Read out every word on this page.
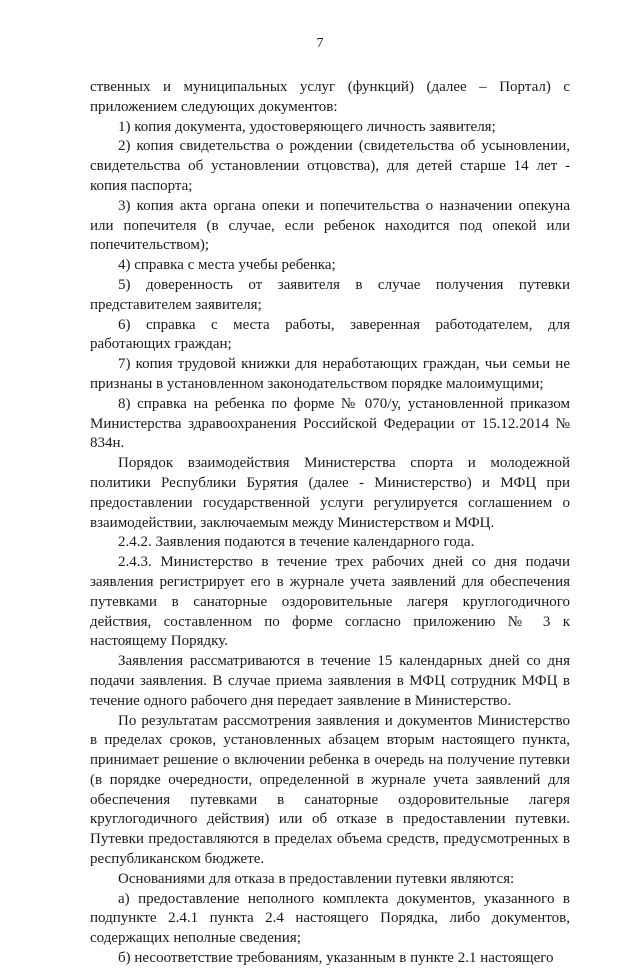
7

ственных и муниципальных услуг (функций) (далее – Портал) с приложением следующих документов:

1) копия документа, удостоверяющего личность заявителя;

2) копия свидетельства о рождении (свидетельства об усыновлении, свидетельства об установлении отцовства), для детей старше 14 лет - копия паспорта;

3) копия акта органа опеки и попечительства о назначении опекуна или попечителя (в случае, если ребенок находится под опекой или попечительством);

4) справка с места учебы ребенка;

5) доверенность от заявителя в случае получения путевки представителем заявителя;

6) справка с места работы, заверенная работодателем, для работающих граждан;

7) копия трудовой книжки для неработающих граждан, чьи семьи не признаны в установленном законодательством порядке малоимущими;

8) справка на ребенка по форме № 070/у, установленной приказом Министерства здравоохранения Российской Федерации от 15.12.2014 № 834н.

Порядок взаимодействия Министерства спорта и молодежной политики Республики Бурятия (далее - Министерство) и МФЦ при предоставлении государственной услуги регулируется соглашением о взаимодействии, заключаемым между Министерством и МФЦ.

2.4.2. Заявления подаются в течение календарного года.

2.4.3. Министерство в течение трех рабочих дней со дня подачи заявления регистрирует его в журнале учета заявлений для обеспечения путевками в санаторные оздоровительные лагеря круглогодичного действия, составленном по форме согласно приложению № 3 к настоящему Порядку.

Заявления рассматриваются в течение 15 календарных дней со дня подачи заявления. В случае приема заявления в МФЦ сотрудник МФЦ в течение одного рабочего дня передает заявление в Министерство.

По результатам рассмотрения заявления и документов Министерство в пределах сроков, установленных абзацем вторым настоящего пункта, принимает решение о включении ребенка в очередь на получение путевки (в порядке очередности, определенной в журнале учета заявлений для обеспечения путевками в санаторные оздоровительные лагеря круглогодичного действия) или об отказе в предоставлении путевки. Путевки предоставляются в пределах объема средств, предусмотренных в республиканском бюджете.

Основаниями для отказа в предоставлении путевки являются:

а) предоставление неполного комплекта документов, указанного в подпункте 2.4.1 пункта 2.4 настоящего Порядка, либо документов, содержащих неполные сведения;

б) несоответствие требованиям, указанным в пункте 2.1 настоящего
